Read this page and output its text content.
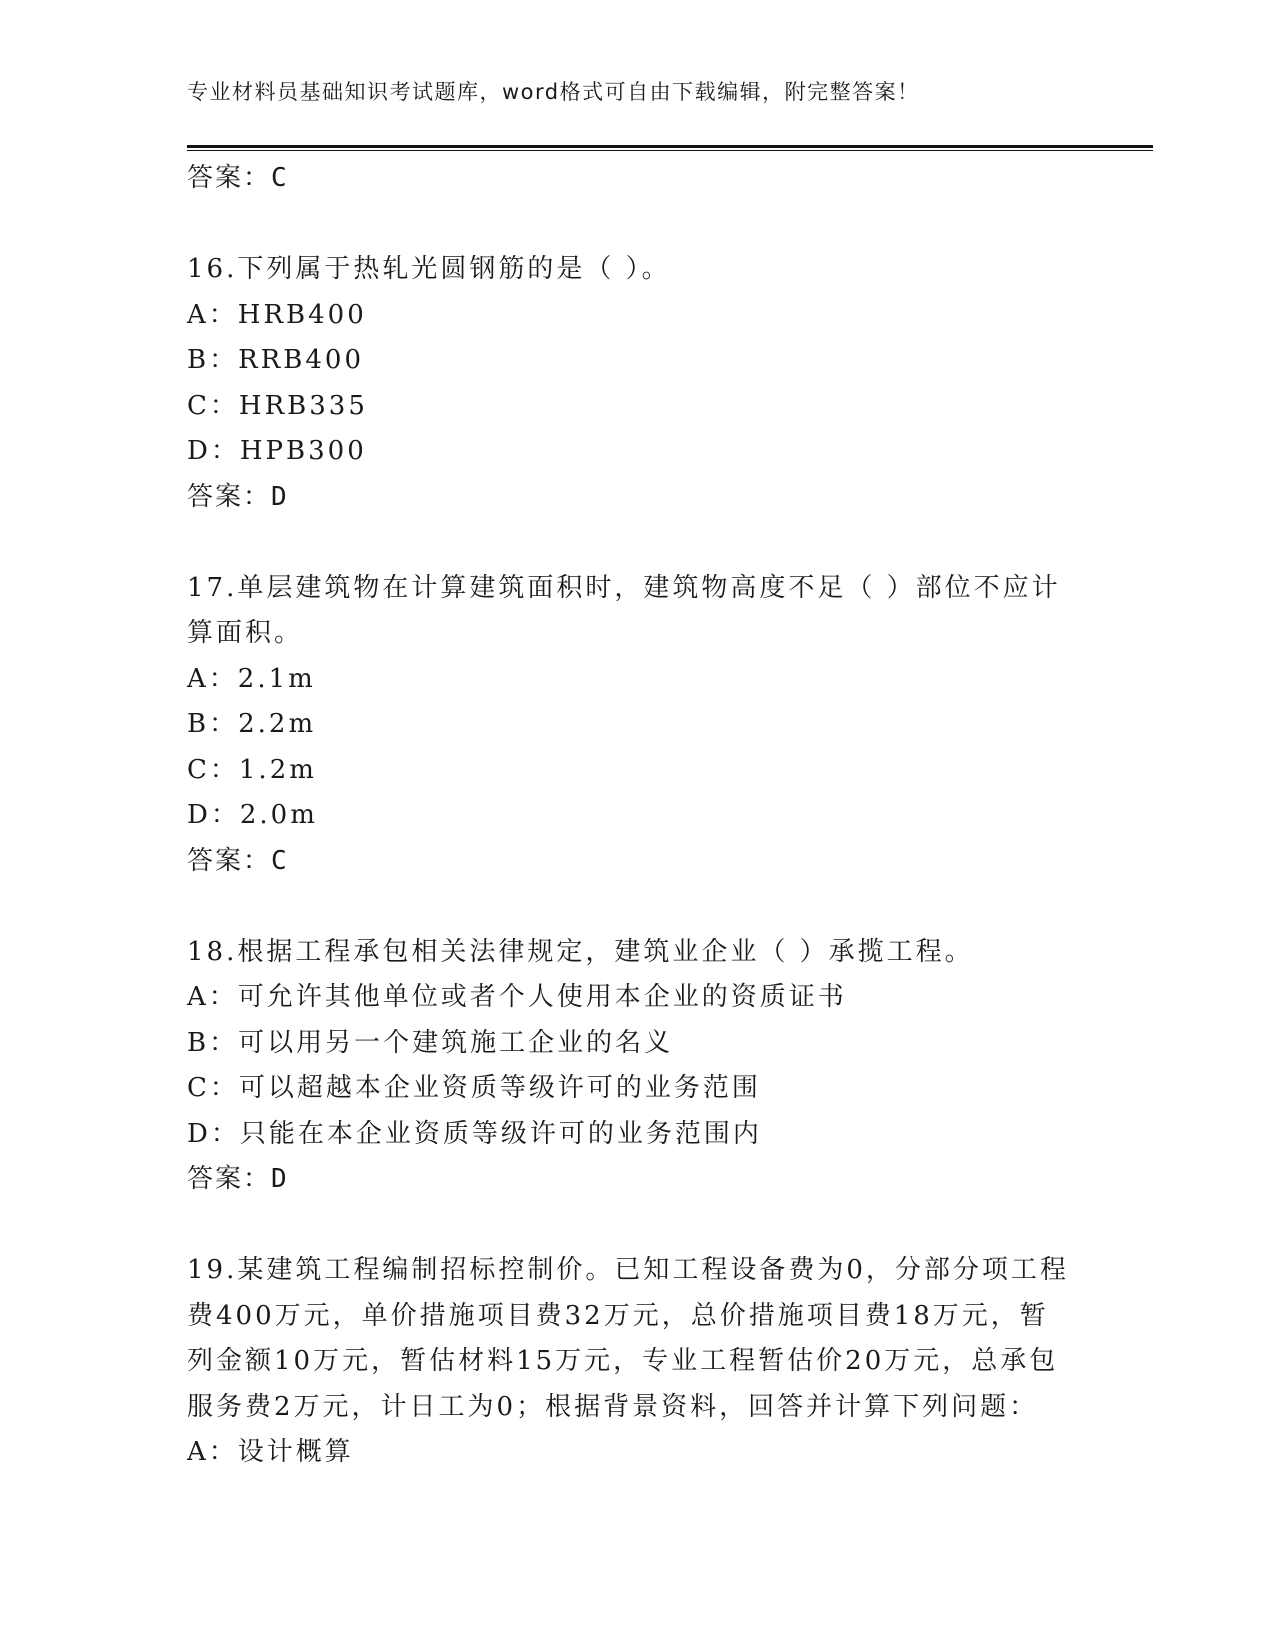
专业材料员基础知识考试题库，word格式可自由下载编辑，附完整答案！
答案：C
16.下列属于热轧光圆钢筋的是（ ）。
A：HRB400
B：RRB400
C：HRB335
D：HPB300
答案：D
17.单层建筑物在计算建筑面积时，建筑物高度不足（ ）部位不应计
算面积。
A：2.1m
B：2.2m
C：1.2m
D：2.0m
答案：C
18.根据工程承包相关法律规定，建筑业企业（ ）承揽工程。
A：可允许其他单位或者个人使用本企业的资质证书
B：可以用另一个建筑施工企业的名义
C：可以超越本企业资质等级许可的业务范围
D：只能在本企业资质等级许可的业务范围内
答案：D
19.某建筑工程编制招标控制价。已知工程设备费为0，分部分项工程
费400万元，单价措施项目费32万元，总价措施项目费18万元，暂
列金额10万元，暂估材料15万元，专业工程暂估价20万元，总承包
服务费2万元，计日工为0；根据背景资料，回答并计算下列问题：
A：设计概算
